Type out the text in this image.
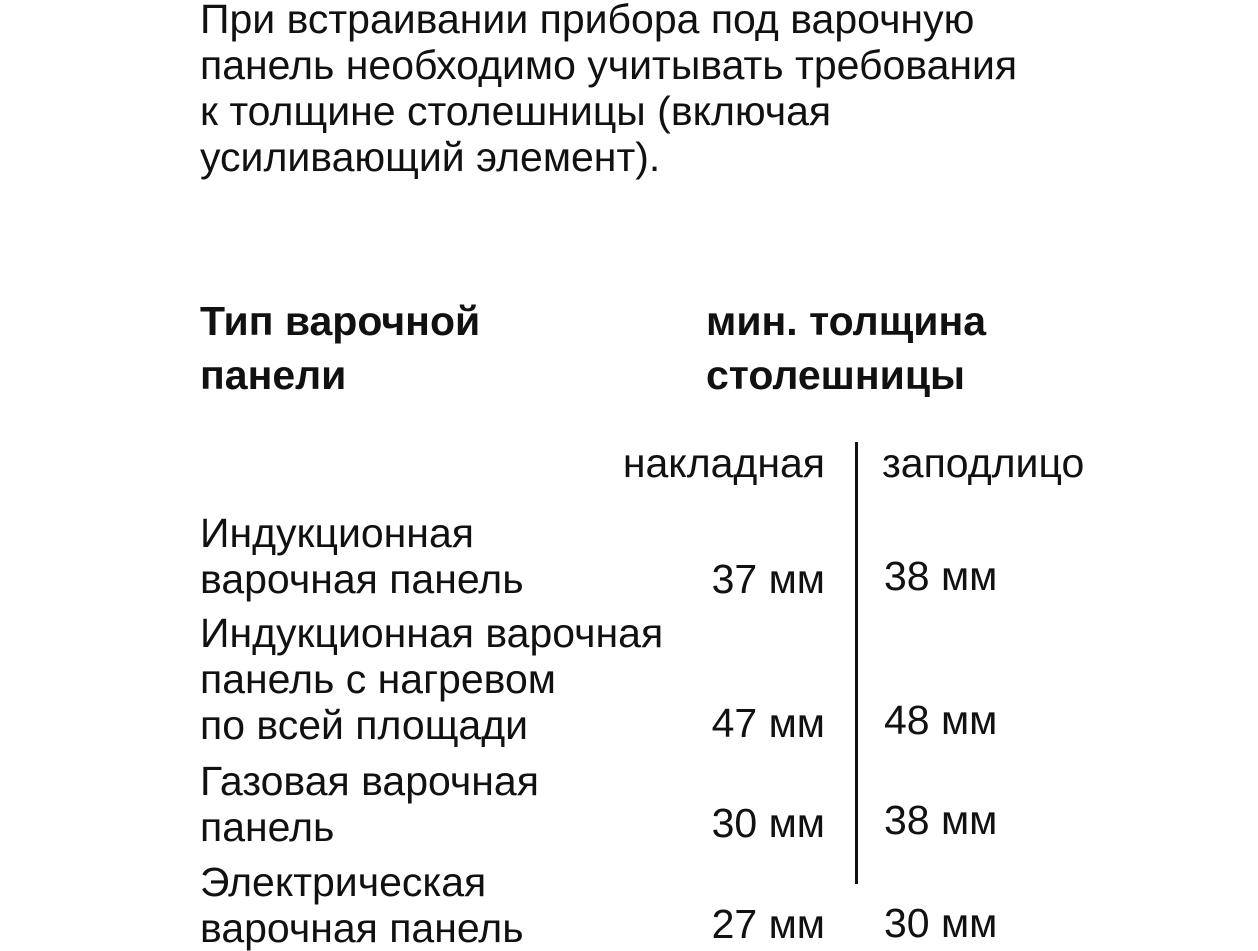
При встраивании прибора под варочную
панель необходимо учитывать требования
к толщине столешницы (включая
усиливающий элемент).

Тип варочной
панели
мин. толщина
столешницы
накладная заподлицо
Индукционная
варочная панель	37 мм 38 мм
Индукционная варочная
панель с нагревом
по всей площади	47 мм 48 мм
Газовая варочная
панель	30 мм 38 мм
Электрическая
варочная панель	27 мм 30 мм
